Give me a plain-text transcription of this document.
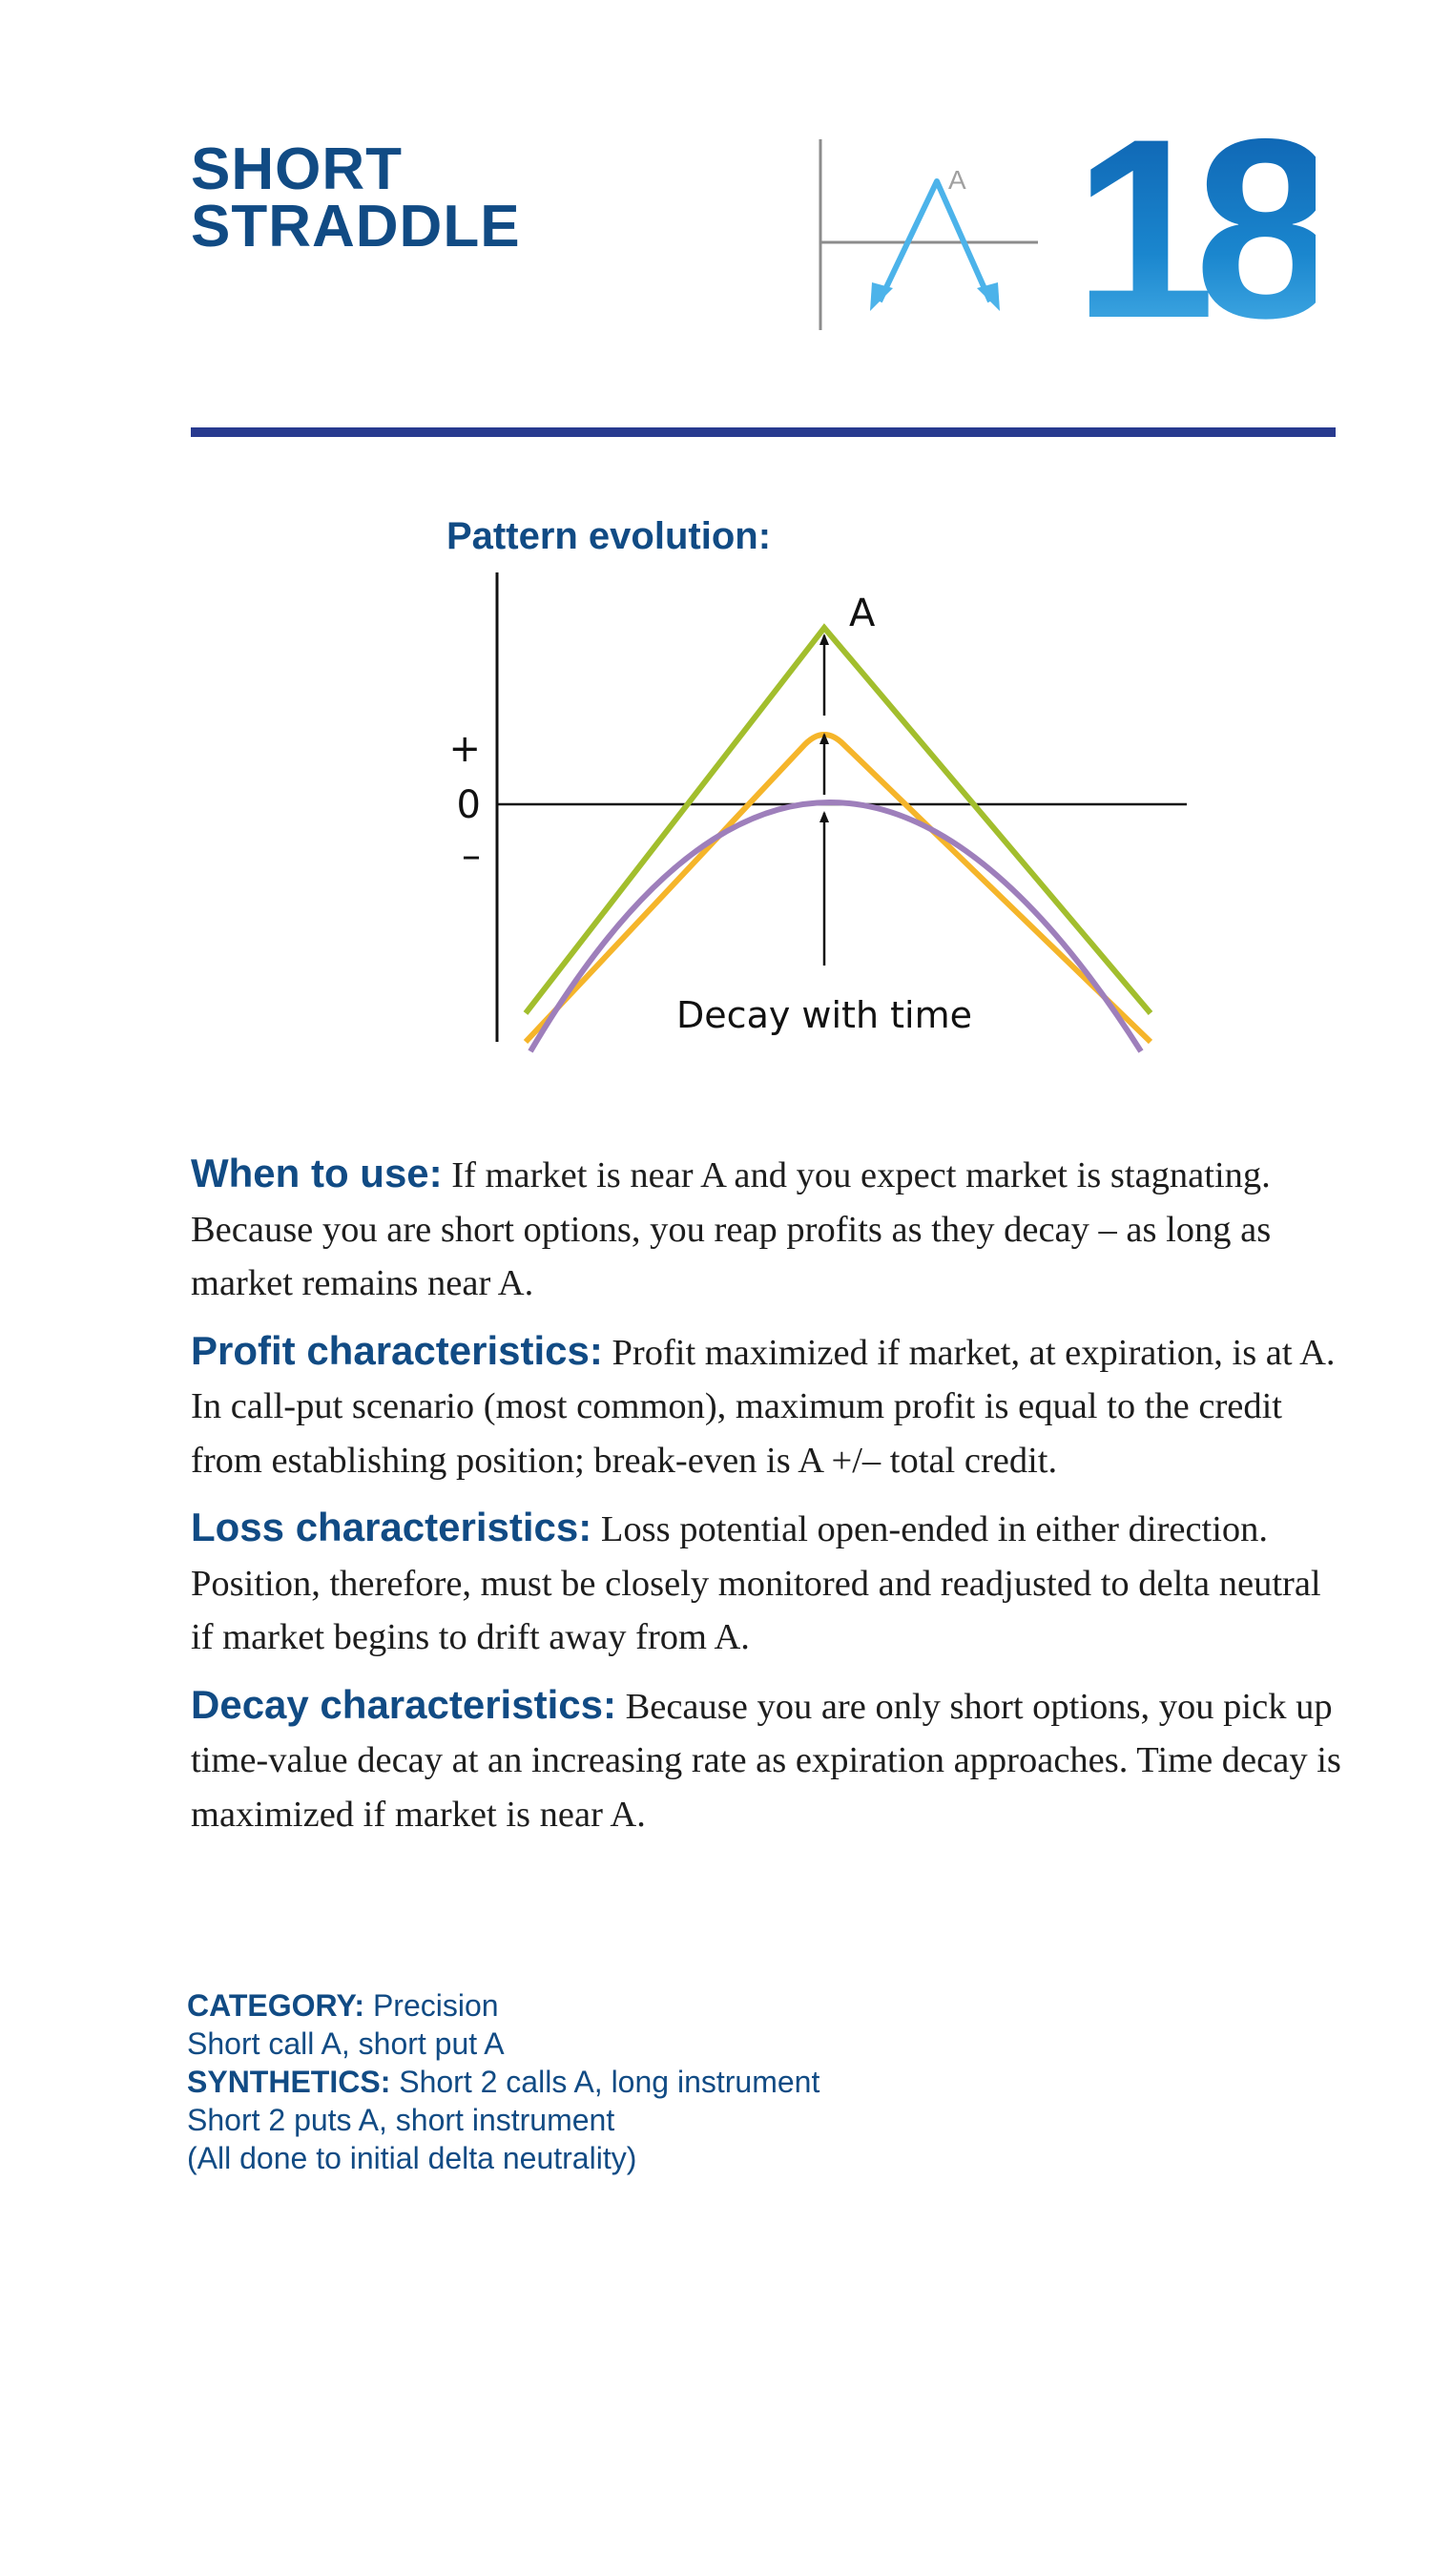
SHORT
STRADDLE
A 18
Pattern evolution:
+
0
–
A
Decay with time

When to use: If market is near A and you expect market is stagnating. Because you are short options, you reap profits as they decay – as long as market remains near A.

Profit characteristics: Profit maximized if market, at expiration, is at A. In call-put scenario (most common), maximum profit is equal to the credit from establishing position; break-even is A +/– total credit.

Loss characteristics: Loss potential open-ended in either direction. Position, therefore, must be closely monitored and readjusted to delta neutral if market begins to drift away from A.

Decay characteristics: Because you are only short options, you pick up time-value decay at an increasing rate as expiration approaches. Time decay is maximized if market is near A.

CATEGORY: Precision
Short call A, short put A
SYNTHETICS: Short 2 calls A, long instrument
Short 2 puts A, short instrument
(All done to initial delta neutrality)
